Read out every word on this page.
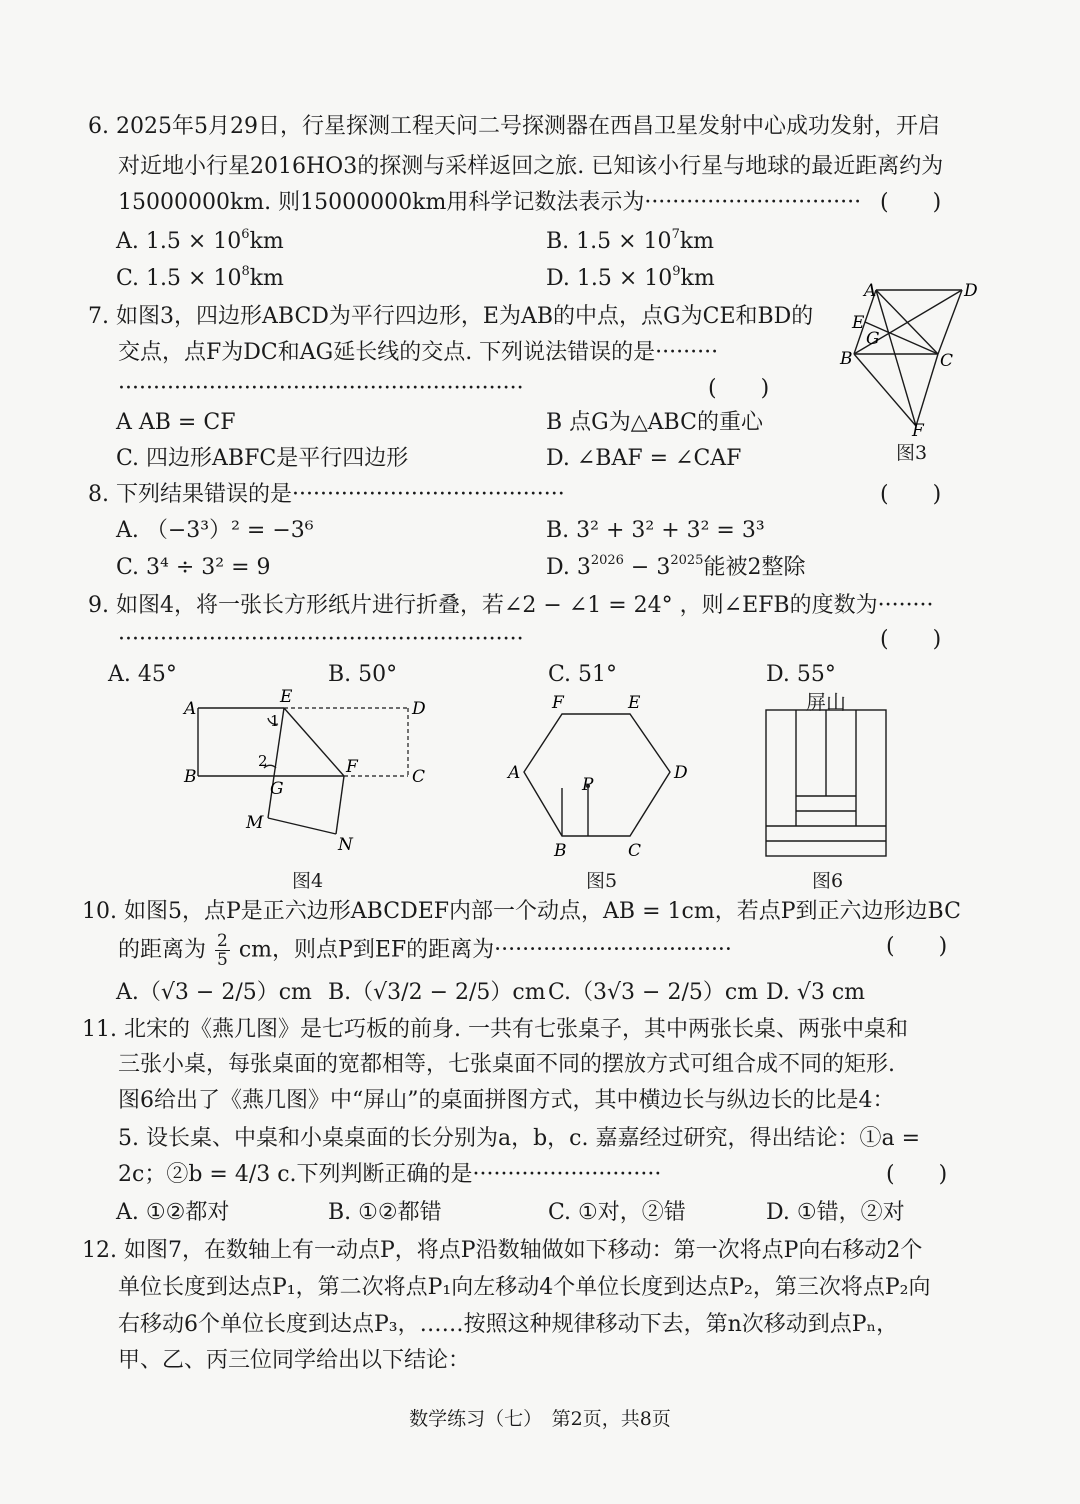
6. 2025年5月29日，行星探测工程天问二号探测器在西昌卫星发射中心成功发射，开启
对近地小行星2016HO3的探测与采样返回之旅. 已知该小行星与地球的最近距离约为
15000000km. 则15000000km用科学记数法表示为······························· (　　)
A. $1.5 \times 10^6km$	B. $1.5 \times 10^7km$
C. $1.5 \times 10^8km$	D. $1.5 \times 10^9km$
7. 如图3，四边形ABCD为平行四边形，E为AB的中点，点G为CE和BD的
交点，点F为DC和AG延长线的交点. 下列说法错误的是·········
··························································	(　　)
A AB = CF	B 点G为△ABC的重心
C. 四边形ABFC是平行四边形	D. ∠BAF = ∠CAF
A	D
E
G
B	C
F
图3
8. 下列结果错误的是·······································	(　　)
A. （−3³）² = −3⁶	B. 3² + 3² + 3² = 3³
C. 3⁴ ÷ 3² = 9	D. $3^{2026} - 3^{2025}$能被2整除
9. 如图4，将一张长方形纸片进行折叠，若∠2 − ∠1 = 24° ，则∠EFB的度数为········
··························································	(　　)
A. 45°	B. 50°	C. 51°	D. 55°
A
E
D
B
G
F	C
M
N
1
2
图4
F	E
A	D
P
B	C
图5
屏山
图6
10. 如图5，点P是正六边形ABCDEF内部一个动点，AB = 1cm，若点P到正六边形边BC
的距离为 $\frac{2}{5}$ cm，则点P到EF的距离为··································	(　　)
A.（√3 − 2/5）cm B.（√3/2 − 2/5）cm C.（3√3 − 2/5）cm D. √3 cm
11. 北宋的《燕几图》是七巧板的前身. 一共有七张桌子，其中两张长桌、两张中桌和
三张小桌，每张桌面的宽都相等，七张桌面不同的摆放方式可组合成不同的矩形.
图6给出了《燕几图》中“屏山”的桌面拼图方式，其中横边长与纵边长的比是4：
5. 设长桌、中桌和小桌桌面的长分别为a，b，c. 嘉嘉经过研究，得出结论：①a =
2c；②b = 4/3 c.下列判断正确的是···························	(　　)
A. ①②都对	B. ①②都错	C. ①对，②错	D. ①错，②对
12. 如图7，在数轴上有一动点P，将点P沿数轴做如下移动：第一次将点P向右移动2个
单位长度到达点P₁，第二次将点P₁向左移动4个单位长度到达点P₂，第三次将点P₂向
右移动6个单位长度到达点P₃，……按照这种规律移动下去，第n次移动到点Pₙ，
甲、乙、丙三位同学给出以下结论：
数学练习（七）　第2页，共8页
